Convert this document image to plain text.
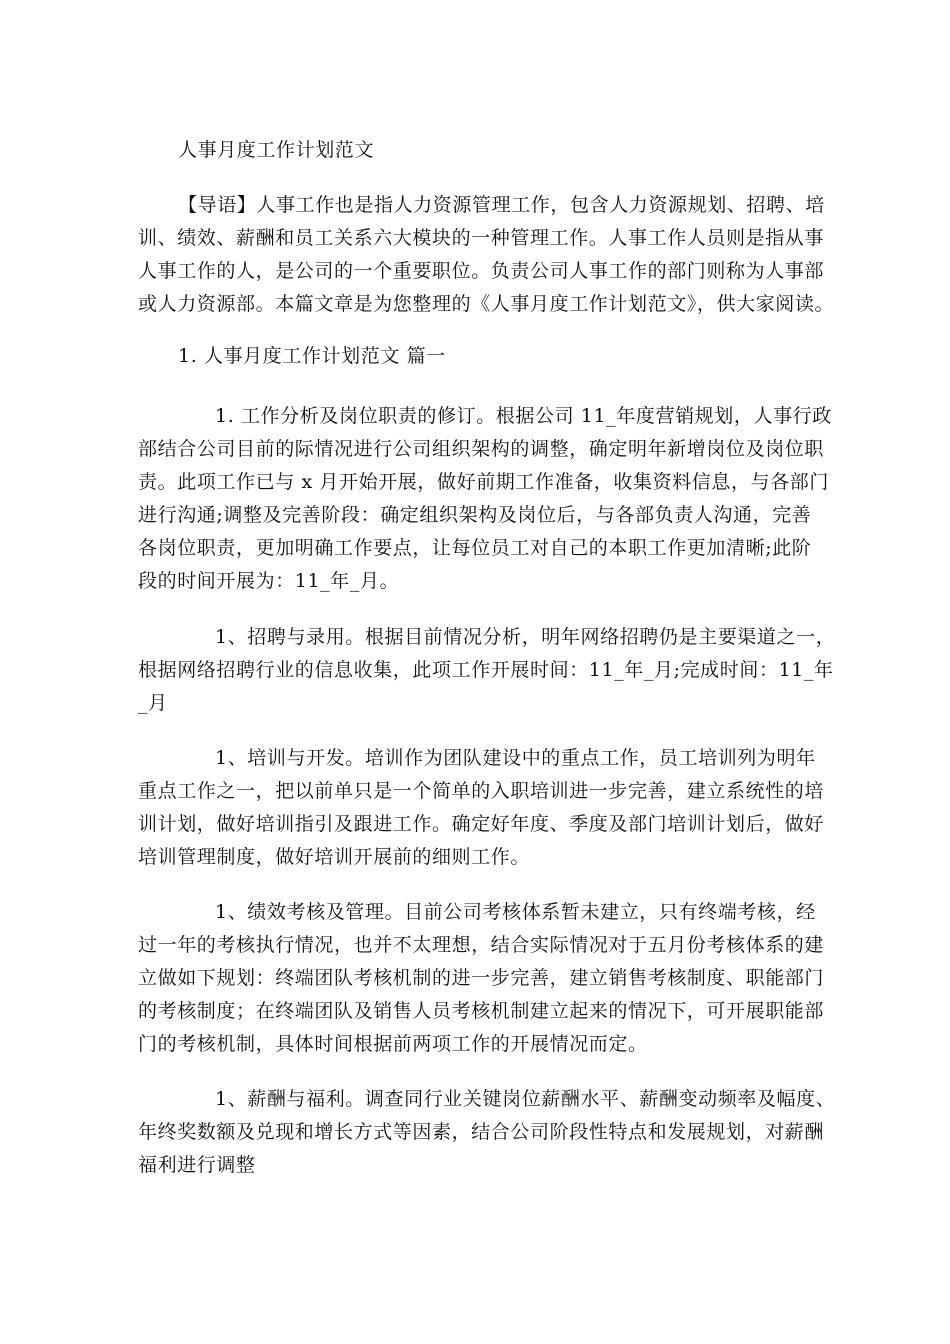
人事月度工作计划范文
【导语】人事工作也是指人力资源管理工作，包含人力资源规划、招聘、培
训、绩效、薪酬和员工关系六大模块的一种管理工作。人事工作人员则是指从事
人事工作的人，是公司的一个重要职位。负责公司人事工作的部门则称为人事部
或人力资源部。本篇文章是为您整理的《人事月度工作计划范文》，供大家阅读。
1. 人事月度工作计划范文 篇一
1. 工作分析及岗位职责的修订。根据公司 11_年度营销规划，人事行政
部结合公司目前的际情况进行公司组织架构的调整，确定明年新增岗位及岗位职
责。此项工作已与 x 月开始开展，做好前期工作准备，收集资料信息，与各部门
进行沟通;调整及完善阶段：确定组织架构及岗位后，与各部负责人沟通，完善
各岗位职责，更加明确工作要点，让每位员工对自己的本职工作更加清晰;此阶
段的时间开展为：11_年_月。
1、招聘与录用。根据目前情况分析，明年网络招聘仍是主要渠道之一，
根据网络招聘行业的信息收集，此项工作开展时间：11_年_月;完成时间：11_年
_月
1、培训与开发。培训作为团队建设中的重点工作，员工培训列为明年
重点工作之一，把以前单只是一个简单的入职培训进一步完善，建立系统性的培
训计划，做好培训指引及跟进工作。确定好年度、季度及部门培训计划后，做好
培训管理制度，做好培训开展前的细则工作。
1、绩效考核及管理。目前公司考核体系暂未建立，只有终端考核，经
过一年的考核执行情况，也并不太理想，结合实际情况对于五月份考核体系的建
立做如下规划：终端团队考核机制的进一步完善，建立销售考核制度、职能部门
的考核制度；在终端团队及销售人员考核机制建立起来的情况下，可开展职能部
门的考核机制，具体时间根据前两项工作的开展情况而定。
1、薪酬与福利。调查同行业关键岗位薪酬水平、薪酬变动频率及幅度、
年终奖数额及兑现和增长方式等因素，结合公司阶段性特点和发展规划，对薪酬
福利进行调整
